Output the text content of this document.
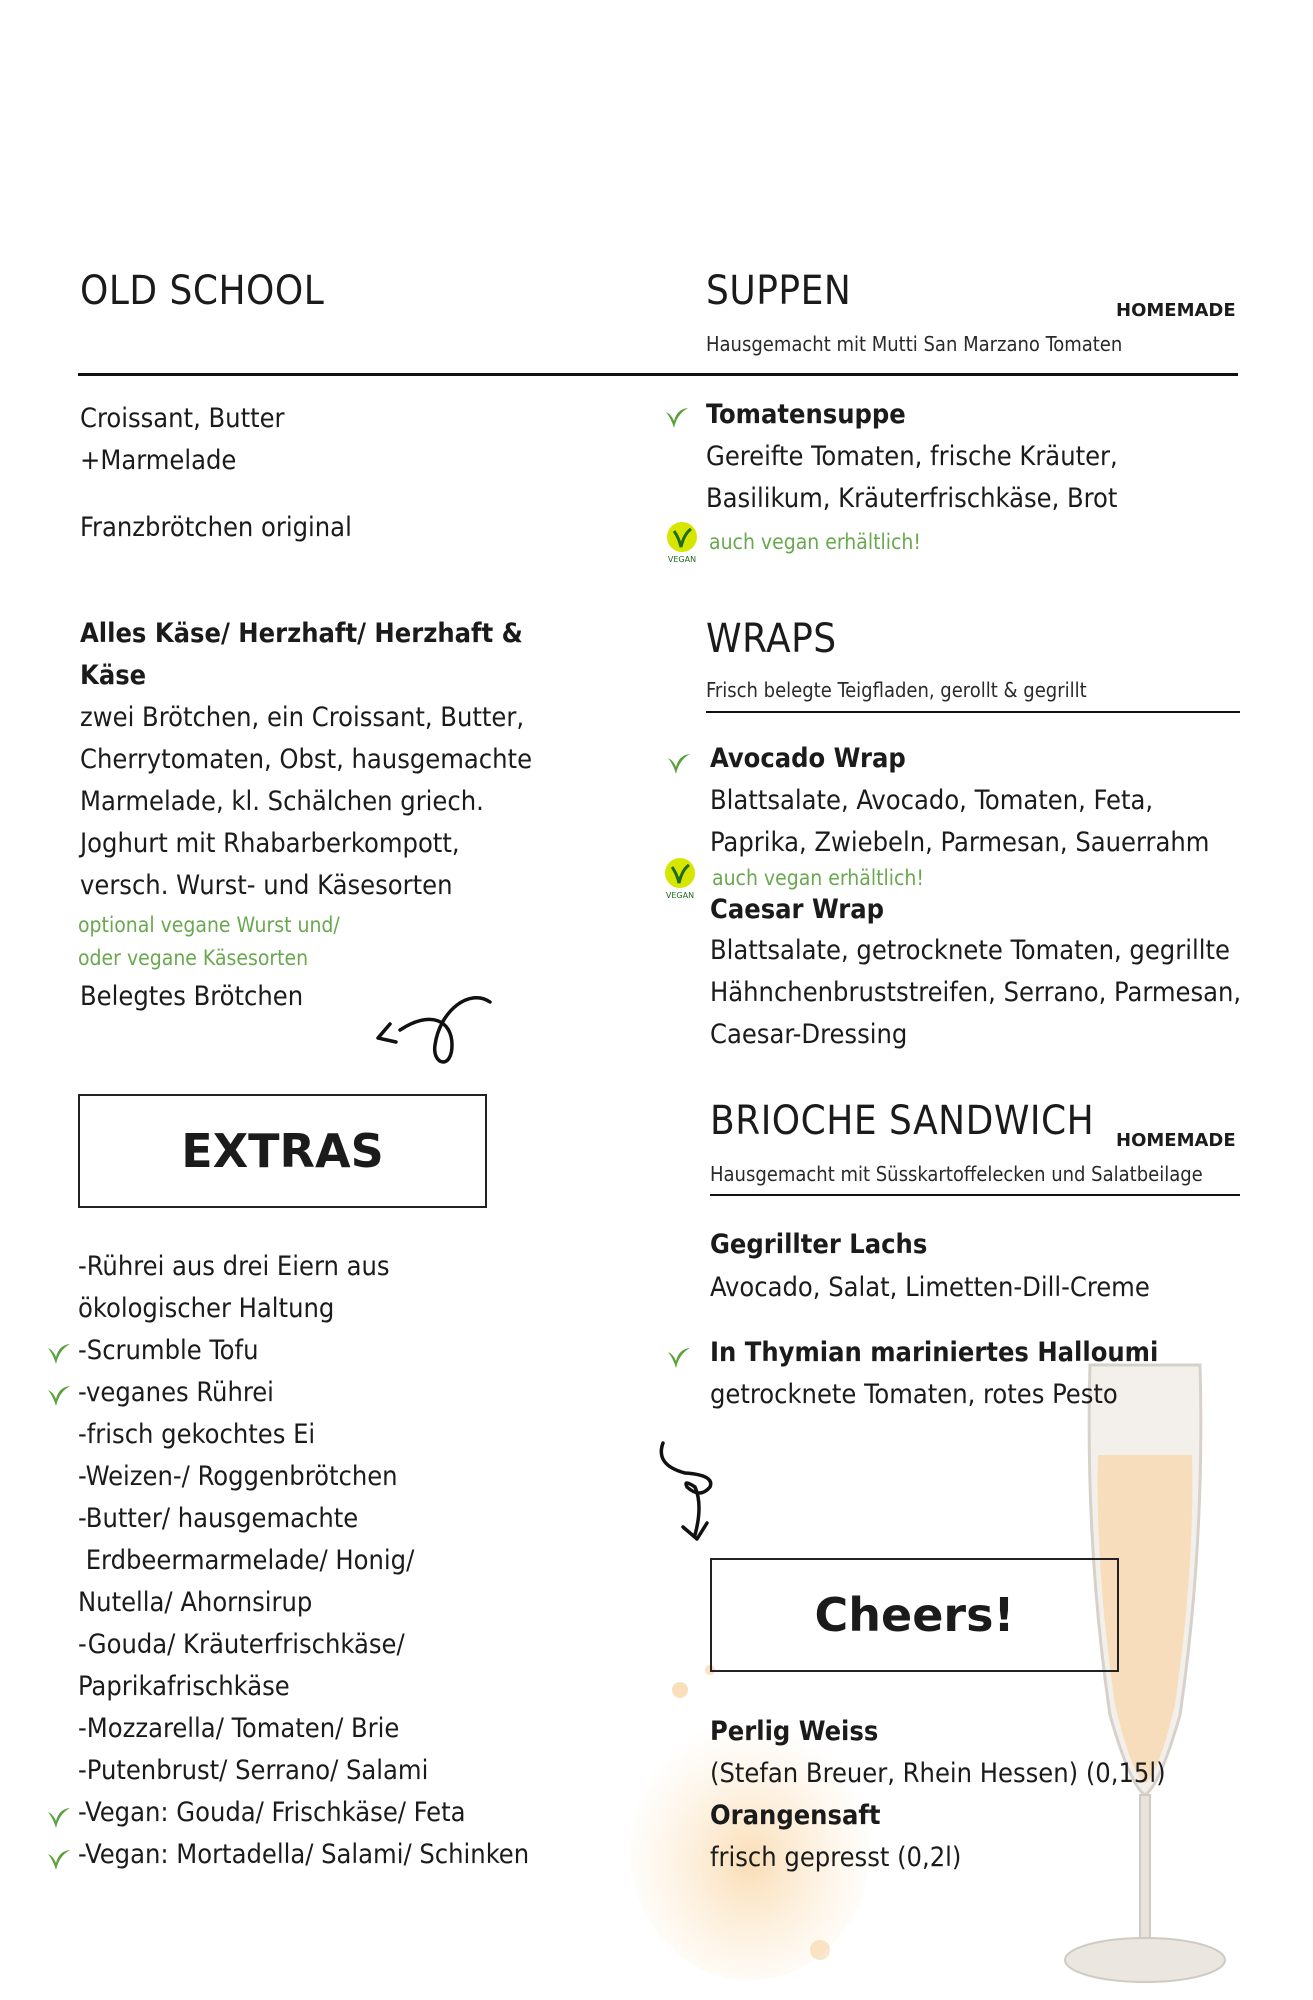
OLD SCHOOL
Croissant, Butter
+Marmelade
Franzbrötchen original
Alles Käse/ Herzhaft/ Herzhaft &
Käse
zwei Brötchen, ein Croissant, Butter,
Cherrytomaten, Obst, hausgemachte
Marmelade, kl. Schälchen griech.
Joghurt mit Rhabarberkompott,
versch. Wurst- und Käsesorten
optional vegane Wurst und/
oder vegane Käsesorten
Belegtes Brötchen
EXTRAS
-Rührei aus drei Eiern aus
ökologischer Haltung
-Scrumble Tofu
-veganes Rührei
-frisch gekochtes Ei
-Weizen-/ Roggenbrötchen
-Butter/ hausgemachte
Erdbeermarmelade/ Honig/
Nutella/ Ahornsirup
-Gouda/ Kräuterfrischkäse/
Paprikafrischkäse
-Mozzarella/ Tomaten/ Brie
-Putenbrust/ Serrano/ Salami
-Vegan: Gouda/ Frischkäse/ Feta
-Vegan: Mortadella/ Salami/ Schinken
SUPPEN	HOMEMADE
Hausgemacht mit Mutti San Marzano Tomaten
Tomatensuppe
Gereifte Tomaten, frische Kräuter,
Basilikum, Kräuterfrischkäse, Brot
VEGAN
auch vegan erhältlich!
WRAPS
Frisch belegte Teigfladen, gerollt & gegrillt
Avocado Wrap
Blattsalate, Avocado, Tomaten, Feta,
Paprika, Zwiebeln, Parmesan, Sauerrahm
VEGAN
auch vegan erhältlich!
Caesar Wrap
Blattsalate, getrocknete Tomaten, gegrillte
Hähnchenbruststreifen, Serrano, Parmesan,
Caesar-Dressing
BRIOCHE SANDWICH HOMEMADE
Hausgemacht mit Süsskartoffelecken und Salatbeilage
Gegrillter Lachs
Avocado, Salat, Limetten-Dill-Creme
In Thymian mariniertes Halloumi
getrocknete Tomaten, rotes Pesto
Cheers!
Perlig Weiss
(Stefan Breuer, Rhein Hessen) (0,15l)
Orangensaft
frisch gepresst (0,2l)
